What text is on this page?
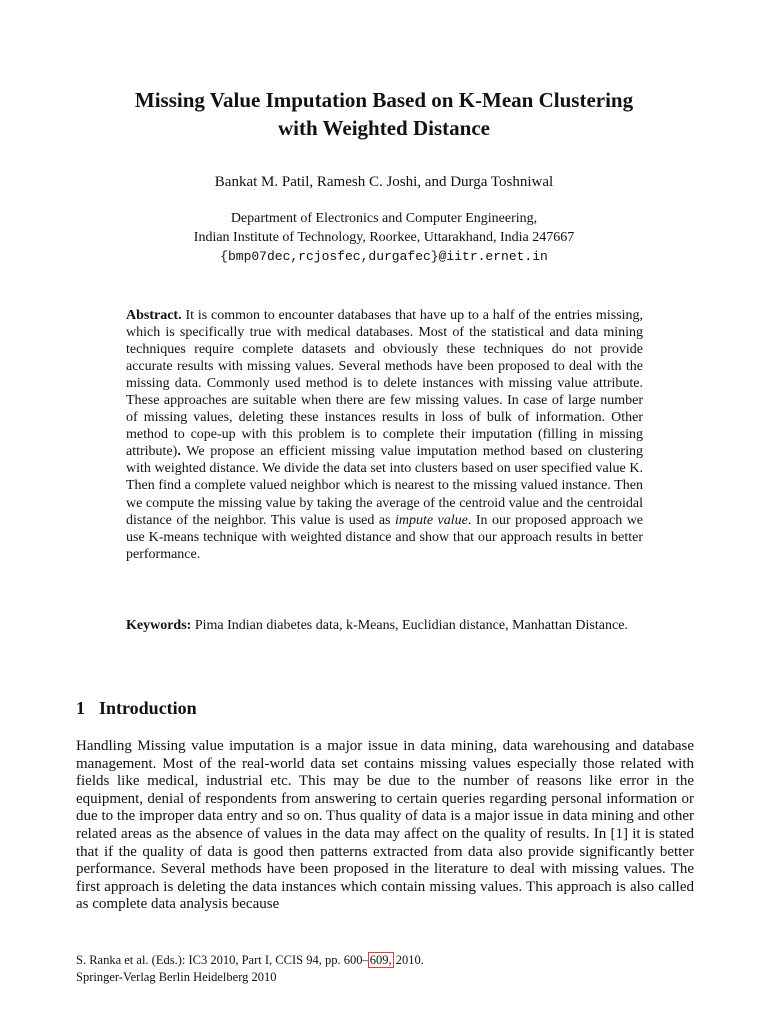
Missing Value Imputation Based on K-Mean Clustering
with Weighted Distance
Bankat M. Patil, Ramesh C. Joshi, and Durga Toshniwal
Department of Electronics and Computer Engineering,
Indian Institute of Technology, Roorkee, Uttarakhand, India 247667
{bmp07dec,rcjosfec,durgafec}@iitr.ernet.in
Abstract. It is common to encounter databases that have up to a half of the entries missing, which is specifically true with medical databases. Most of the statistical and data mining techniques require complete datasets and obviously these techniques do not provide accurate results with missing values. Several methods have been proposed to deal with the missing data. Commonly used method is to delete instances with missing value attribute. These approaches are suitable when there are few missing values. In case of large number of missing values, deleting these instances results in loss of bulk of information. Other method to cope-up with this problem is to complete their imputation (filling in missing attribute). We propose an efficient missing value imputation method based on clustering with weighted distance. We divide the data set into clusters based on user specified value K. Then find a complete valued neighbor which is nearest to the missing valued instance. Then we compute the missing value by taking the average of the centroid value and the centroidal distance of the neighbor. This value is used as impute value. In our proposed approach we use K-means technique with weighted distance and show that our approach results in better performance.
Keywords: Pima Indian diabetes data, k-Means, Euclidian distance, Manhattan Distance.
1 Introduction
Handling Missing value imputation is a major issue in data mining, data warehousing and database management. Most of the real-world data set contains missing values especially those related with fields like medical, industrial etc. This may be due to the number of reasons like error in the equipment, denial of respondents from answering to certain queries regarding personal information or due to the improper data entry and so on. Thus quality of data is a major issue in data mining and other related areas as the absence of values in the data may affect on the quality of results. In [1] it is stated that if the quality of data is good then patterns extracted from data also provide significantly better performance. Several methods have been proposed in the literature to deal with missing values. The first approach is deleting the data instances which contain missing values. This approach is also called as complete data analysis because
S. Ranka et al. (Eds.): IC3 2010, Part I, CCIS 94, pp. 600–609, 2010.
Springer-Verlag Berlin Heidelberg 2010
